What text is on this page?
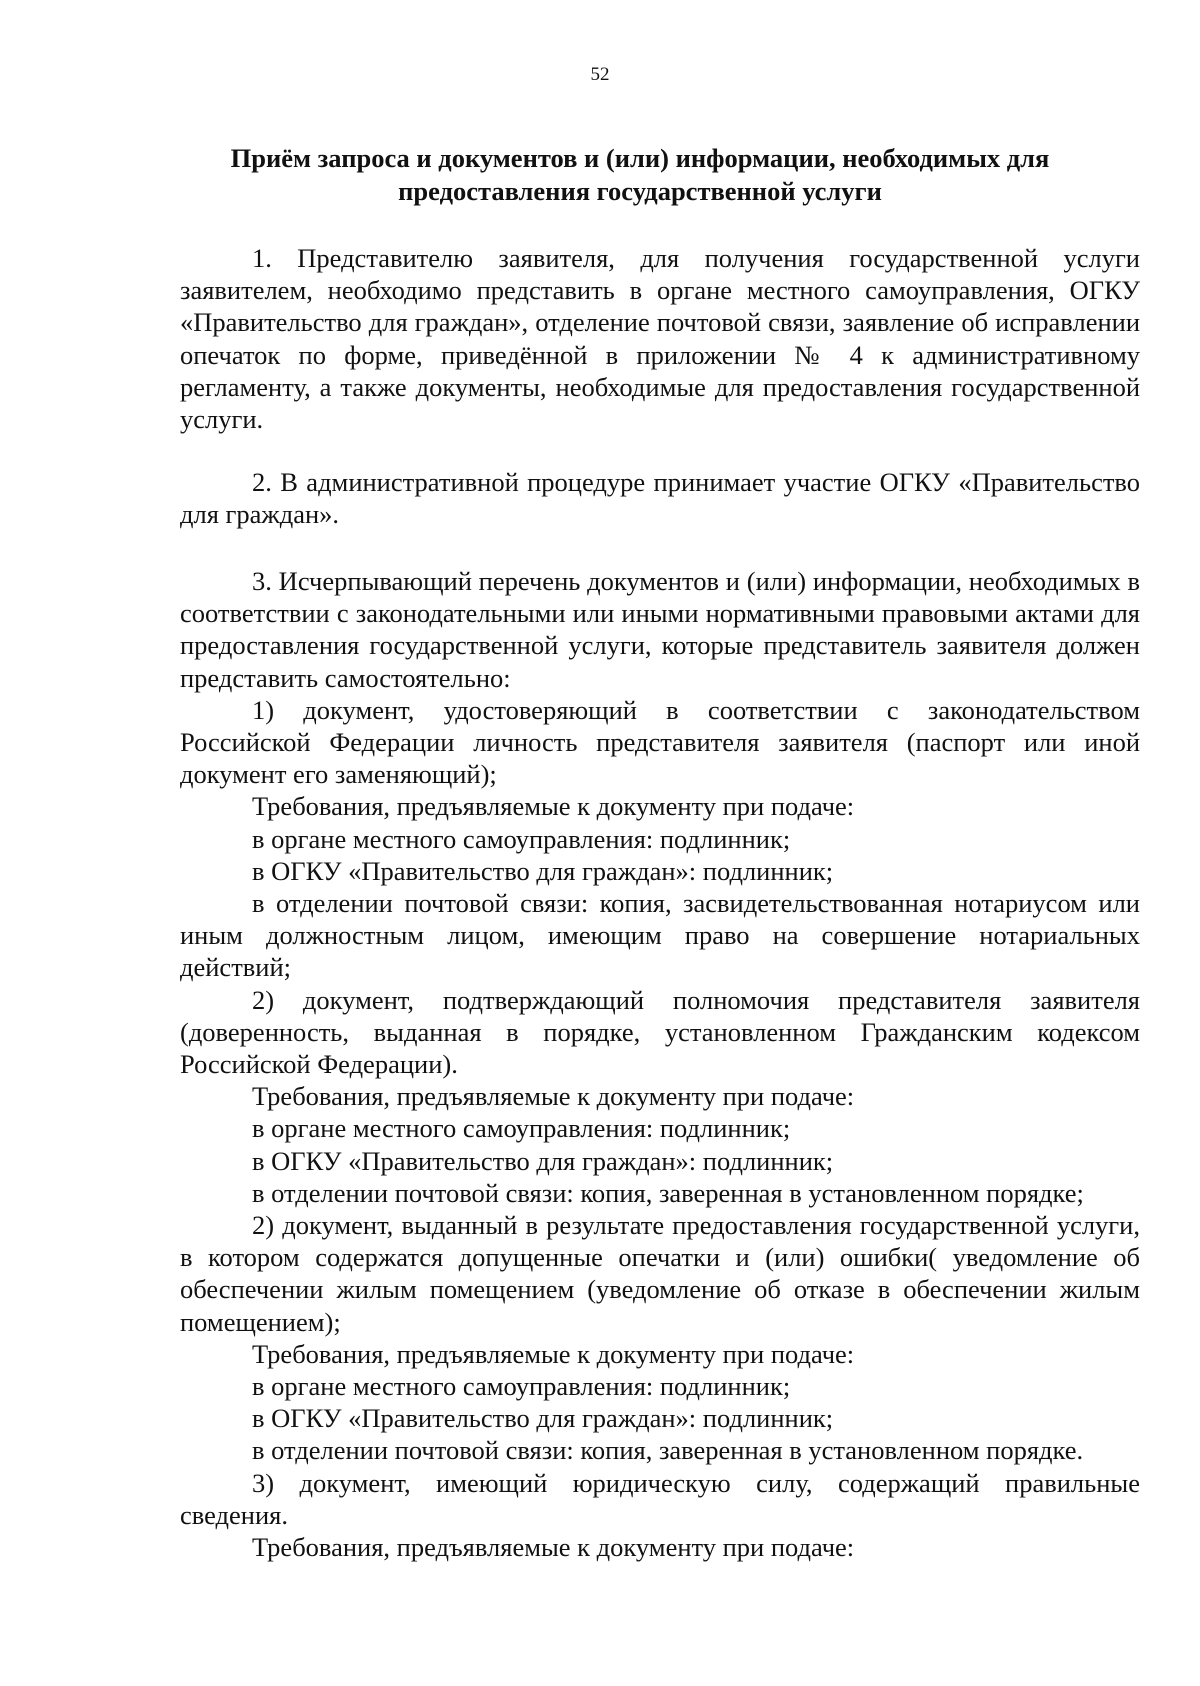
52
Приём запроса и документов и (или) информации, необходимых для
предоставления государственной услуги

1. Представителю заявителя, для получения государственной услуги заявителем, необходимо представить в органе местного самоуправления, ОГКУ «Правительство для граждан», отделение почтовой связи, заявление об исправлении опечаток по форме, приведённой в приложении № 4 к административному регламенту, а также документы, необходимые для предоставления государственной услуги.

2. В административной процедуре принимает участие ОГКУ «Правительство для граждан».

3. Исчерпывающий перечень документов и (или) информации, необходимых в соответствии с законодательными или иными нормативными правовыми актами для предоставления государственной услуги, которые представитель заявителя должен представить самостоятельно:

1) документ, удостоверяющий в соответствии с законодательством Российской Федерации личность представителя заявителя (паспорт или иной документ его заменяющий);

Требования, предъявляемые к документу при подаче:

в органе местного самоуправления: подлинник;

в ОГКУ «Правительство для граждан»: подлинник;

в отделении почтовой связи: копия, засвидетельствованная нотариусом или иным должностным лицом, имеющим право на совершение нотариальных действий;

2) документ, подтверждающий полномочия представителя заявителя (доверенность, выданная в порядке, установленном Гражданским кодексом Российской Федерации).

Требования, предъявляемые к документу при подаче:

в органе местного самоуправления: подлинник;

в ОГКУ «Правительство для граждан»: подлинник;

в отделении почтовой связи: копия, заверенная в установленном порядке;

2) документ, выданный в результате предоставления государственной услуги, в котором содержатся допущенные опечатки и (или) ошибки( уведомление об обеспечении жилым помещением (уведомление об отказе в обеспечении жилым помещением);

Требования, предъявляемые к документу при подаче:

в органе местного самоуправления: подлинник;

в ОГКУ «Правительство для граждан»: подлинник;

в отделении почтовой связи: копия, заверенная в установленном порядке.

3) документ, имеющий юридическую силу, содержащий правильные сведения.

Требования, предъявляемые к документу при подаче:
